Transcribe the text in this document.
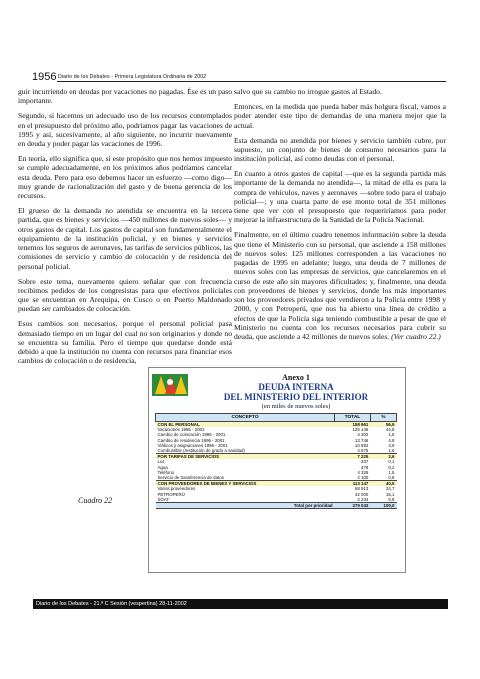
1956 Diario de los Debates - Primera Legislatura Ordinaria de 2002

guir incurriendo en deudas por vacaciones no pagadas. Ése es un paso importante.

Segundo, si hacemos un adecuado uso de los recursos contemplados en el presupuesto del próximo año, podríamos pagar las vacaciones de 1995 y así, sucesivamente, al año siguiente, no incurrir nuevamente en deuda y poder pagar las vacaciones de 1996.

En teoría, ello significa que, si este propósito que nos hemos impuesto se cumple adecuadamente, en los próximos años podríamos cancelar esta deuda. Pero para eso debemos hacer un esfuerzo —como digo— muy grande de racionalización del gasto y de buena gerencia de los recursos.

El grueso de la demanda no atendida se encuentra en la tercera partida, que es bienes y servicios —450 millones de nuevos soles— y otros gastos de capital. Los gastos de capital son fundamentalmente el equipamiento de la institución policial, y en bienes y servicios tenemos los seguros de aeronaves, las tarifas de servicios públicos, las comisiones de servicio y cambio de colocación y de residencia del personal policial.

Sobre este tema, nuevamente quiero señalar que con frecuencia recibimos pedidos de los congresistas para que efectivos policiales que se encuentran en Arequipa, en Cusco o en Puerto Maldonado puedan ser cambiados de colocación.

Esos cambios son necesarios, porque el personal policial pasa demasiado tiempo en un lugar del cual no son originarios y donde no se encuentra su familia. Pero el tiempe que quedarse donde está debido a que la institución no cuenta con recursos para financiar esos cambios de colocación o de residencia,

salvo que su cambio no irrogue gastos al Estado.

Entonces, en la medida que pueda haber más holgura fiscal, vamos a poder atender este tipo de demandas de una manera mejor que la actual.

Esta demanda no atendida por bienes y servicio también cubre, por supuesto, un conjunto de bienes de consumo necesarios para la institución policial, así como deudas con el personal.

En cuanto a otros gastos de capital —que es la segunda partida más importante de la demanda no atendida—, la mitad de ella es para la compra de vehículos, naves y aeronaves —sobre todo para el trabajo policial—; y una cuarta parte de ese monto total de 351 millones tiene que ver con el presupuesto que requeriríamos para poder mejorar la infraestructura de la Sanidad de la Policía Nacional.

Finalmente, en el último cuadro tenemos información sobre la deuda que tiene el Ministerio con su personal, que asciende a 158 millones de nuevos soles: 125 millones corresponden a las vacaciones no pagadas de 1995 en adelante; luego, una deuda de 7 millones de nuevos soles con las empresas de servicios, que cancelaremos en el curso de este año sin mayores dificultades; y, finalmente, una deuda con proveedores de bienes y servicios, donde los más importantes son los proveedores privados que vendieron a la Policía entre 1998 y 2000, y con Petroperú, que nos ha abierto una línea de crédito a efectos de que la Policía siga teniendo combustible a pesar de que el Ministerio no cuenta con los recursos necesarios para cubrir su deuda, que asciende a 42 millones de nuevos soles. (Ver cuadro 22.)

Cuadro 22
Anexo 1
DEUDA INTERNA
DEL MINISTERIO DEL INTERIOR
(en miles de nuevos soles)
CONCEPTO	TOTAL	%
CON EL PERSONAL	158 661	56,9
Vacaciones 1995 - 2002	125 146	44,8
Cambio de colocación 1996 - 2001	4 302	1,5
Cambio de residencia 1996 - 2001	13 746	4,9
Viáticos y asignaciones 1996 - 2001	10 892	3,9
Combustible (restitución de grado a sanidad)	4 575	1,6
POR TARIFAS DE SERVICIOS	7 225	2,6
Luz	337	0,1
Agua	478	0,2
Teléfono	4 326	1,5
Servicio de transferencia de datos	2 100	0,8
CON PROVEEDORES DE BIENES Y SERVICIOS	113 147	40,5
Varios proveedores	68 913	24,7
PETROPERÚ	42 000	15,1
SOAT	2 234	0,8
Total por prioridad	279 043	100,0
Diario de los Debates - 21.ª C Sesión (vespertina) 28-11-2002
